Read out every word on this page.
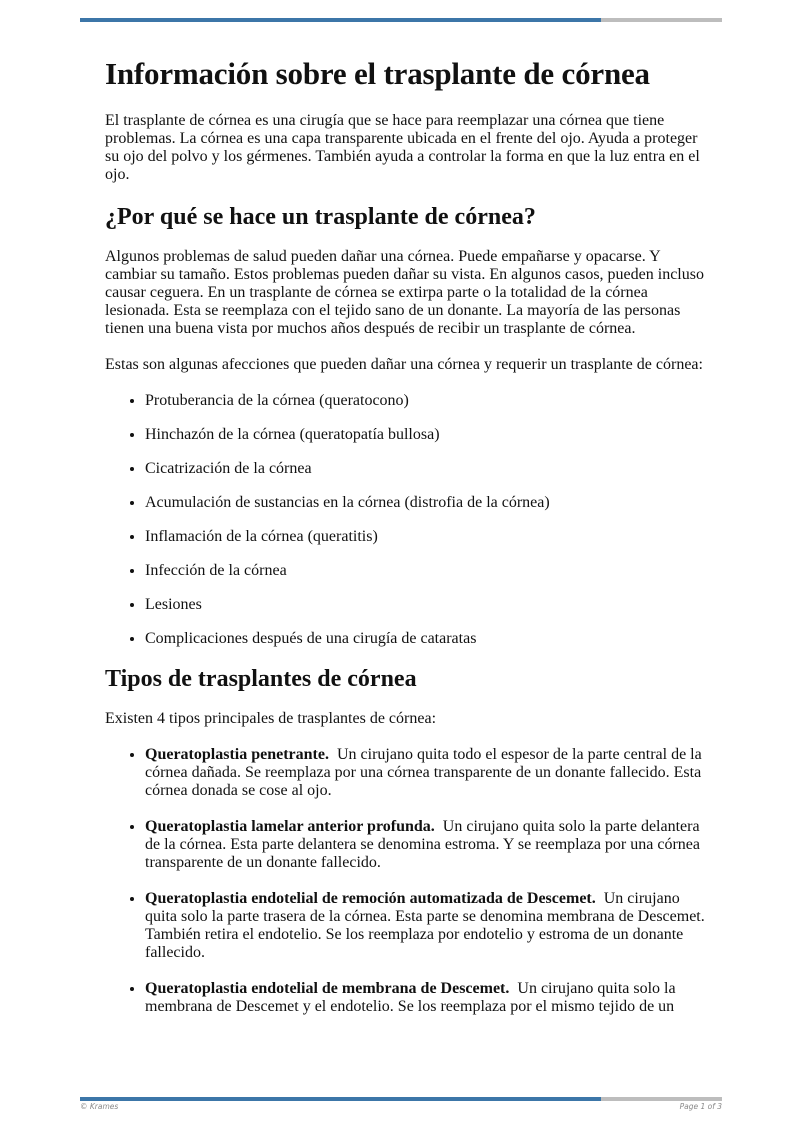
Información sobre el trasplante de córnea

El trasplante de córnea es una cirugía que se hace para reemplazar una córnea que tiene problemas. La córnea es una capa transparente ubicada en el frente del ojo. Ayuda a proteger su ojo del polvo y los gérmenes. También ayuda a controlar la forma en que la luz entra en el ojo.

¿Por qué se hace un trasplante de córnea?

Algunos problemas de salud pueden dañar una córnea. Puede empañarse y opacarse. Y cambiar su tamaño. Estos problemas pueden dañar su vista. En algunos casos, pueden incluso causar ceguera. En un trasplante de córnea se extirpa parte o la totalidad de la córnea lesionada. Esta se reemplaza con el tejido sano de un donante. La mayoría de las personas tienen una buena vista por muchos años después de recibir un trasplante de córnea.

Estas son algunas afecciones que pueden dañar una córnea y requerir un trasplante de córnea:

• Protuberancia de la córnea (queratocono)
• Hinchazón de la córnea (queratopatía bullosa)
• Cicatrización de la córnea
• Acumulación de sustancias en la córnea (distrofia de la córnea)
• Inflamación de la córnea (queratitis)
• Infección de la córnea
• Lesiones
• Complicaciones después de una cirugía de cataratas
Tipos de trasplantes de córnea

Existen 4 tipos principales de trasplantes de córnea:

• Queratoplastia penetrante. Un cirujano quita todo el espesor de la parte central de la córnea dañada. Se reemplaza por una córnea transparente de un donante fallecido. Esta córnea donada se cose al ojo.
• Queratoplastia lamelar anterior profunda. Un cirujano quita solo la parte delantera de la córnea. Esta parte delantera se denomina estroma. Y se reemplaza por una córnea transparente de un donante fallecido.
• Queratoplastia endotelial de remoción automatizada de Descemet. Un cirujano quita solo la parte trasera de la córnea. Esta parte se denomina membrana de Descemet. También retira el endotelio. Se los reemplaza por endotelio y estroma de un donante fallecido.
• Queratoplastia endotelial de membrana de Descemet. Un cirujano quita solo la membrana de Descemet y el endotelio. Se los reemplaza por el mismo tejido de un
© Krames	Page 1 of 3
